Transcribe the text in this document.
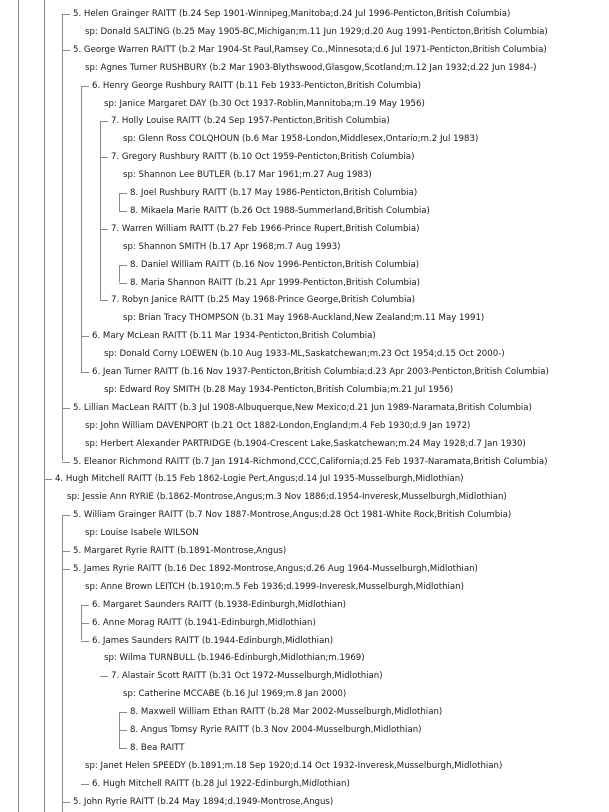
5. Helen Grainger RAITT (b.24 Sep 1901-Winnipeg,Manitoba;d.24 Jul 1996-Penticton,British Columbia)
sp: Donald SALTING (b.25 May 1905-BC,Michigan;m.11 Jun 1929;d.20 Aug 1991-Penticton,British Columbia)
5. George Warren RAITT (b.2 Mar 1904-St Paul,Ramsey Co.,Minnesota;d.6 Jul 1971-Penticton,British Columbia)
sp: Agnes Turner RUSHBURY (b.2 Mar 1903-Blythswood,Glasgow,Scotland;m.12 Jan 1932;d.22 Jun 1984-)
6. Henry George Rushbury RAITT (b.11 Feb 1933-Penticton,British Columbia)
sp: Janice Margaret DAY (b.30 Oct 1937-Roblin,Mannitoba;m.19 May 1956)
7. Holly Louise RAITT (b.24 Sep 1957-Penticton,British Columbia)
sp: Glenn Ross COLQHOUN (b.6 Mar 1958-London,Middlesex,Ontario;m.2 Jul 1983)
7. Gregory Rushbury RAITT (b.10 Oct 1959-Penticton,British Columbia)
sp: Shannon Lee BUTLER (b.17 Mar 1961;m.27 Aug 1983)
8. Joel Rushbury RAITT (b.17 May 1986-Penticton,British Columbia)
8. Mikaela Marie RAITT (b.26 Oct 1988-Summerland,British Columbia)
7. Warren William RAITT (b.27 Feb 1966-Prince Rupert,British Columbia)
sp: Shannon SMITH (b.17 Apr 1968;m.7 Aug 1993)
8. Daniel William RAITT (b.16 Nov 1996-Penticton,British Columbia)
8. Maria Shannon RAITT (b.21 Apr 1999-Penticton,British Columbia)
7. Robyn Janice RAITT (b.25 May 1968-Prince George,British Columbia)
sp: Brian Tracy THOMPSON (b.31 May 1968-Auckland,New Zealand;m.11 May 1991)
6. Mary McLean RAITT (b.11 Mar 1934-Penticton,British Columbia)
sp: Donald Corny LOEWEN (b.10 Aug 1933-ML,Saskatchewan;m.23 Oct 1954;d.15 Oct 2000-)
6. Jean Turner RAITT (b.16 Nov 1937-Penticton,British Columbia;d.23 Apr 2003-Penticton,British Columbia)
sp: Edward Roy SMITH (b.28 May 1934-Penticton,British Columbia;m.21 Jul 1956)
5. Lillian MacLean RAITT (b.3 Jul 1908-Albuquerque,New Mexico;d.21 Jun 1989-Naramata,British Columbia)
sp: John William DAVENPORT (b.21 Oct 1882-London,England;m.4 Feb 1930;d.9 Jan 1972)
sp: Herbert Alexander PARTRIDGE (b.1904-Crescent Lake,Saskatchewan;m.24 May 1928;d.7 Jan 1930)
5. Eleanor Richmond RAITT (b.7 Jan 1914-Richmond,CCC,California;d.25 Feb 1937-Naramata,British Columbia)
4. Hugh Mitchell RAITT (b.15 Feb 1862-Logie Pert,Angus;d.14 Jul 1935-Musselburgh,Midlothian)
sp: Jessie Ann RYRIE (b.1862-Montrose,Angus;m.3 Nov 1886;d.1954-Inveresk,Musselburgh,Midlothian)
5. William Grainger RAITT (b.7 Nov 1887-Montrose,Angus;d.28 Oct 1981-White Rock,British Columbia)
sp: Louise Isabele WILSON
5. Margaret Ryrie RAITT (b.1891-Montrose,Angus)
5. James Ryrie RAITT (b.16 Dec 1892-Montrose,Angus;d.26 Aug 1964-Musselburgh,Midlothian)
sp: Anne Brown LEITCH (b.1910;m.5 Feb 1936;d.1999-Inveresk,Musselburgh,Midlothian)
6. Margaret Saunders RAITT (b.1938-Edinburgh,Midlothian)
6. Anne Morag RAITT (b.1941-Edinburgh,Midlothian)
6. James Saunders RAITT (b.1944-Edinburgh,Midlothian)
sp: Wilma TURNBULL (b.1946-Edinburgh,Midlothian;m.1969)
7. Alastair Scott RAITT (b.31 Oct 1972-Musselburgh,Midlothian)
sp: Catherine MCCABE (b.16 Jul 1969;m.8 Jan 2000)
8. Maxwell William Ethan RAITT (b.28 Mar 2002-Musselburgh,Midlothian)
8. Angus Tomsy Ryrie RAITT (b.3 Nov 2004-Musselburgh,Midlothian)
8. Bea RAITT
sp: Janet Helen SPEEDY (b.1891;m.18 Sep 1920;d.14 Oct 1932-Inveresk,Musselburgh,Midlothian)
6. Hugh Mitchell RAITT (b.28 Jul 1922-Edinburgh,Midlothian)
5. John Ryrie RAITT (b.24 May 1894;d.1949-Montrose,Angus)
